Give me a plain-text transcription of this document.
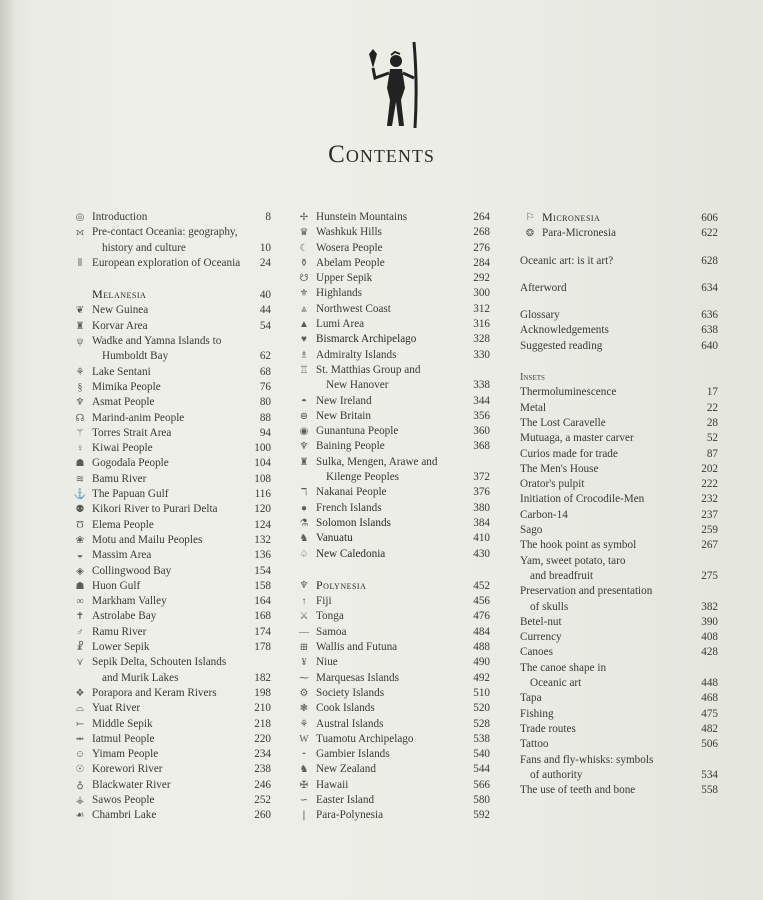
Contents
◎ Introduction	8
⟗ Pre-contact Oceania: geography,
history and culture	10
⫴ European exploration of Oceania	24
Melanesia	40
❦ New Guinea	44
♜ Korvar Area	54
ψ Wadke and Yamna Islands to
Humboldt Bay	62
⚘ Lake Sentani	68
§ Mimika People	76
♆ Asmat People	80
☊ Marind-anim People	88
⚚ Torres Strait Area	94
♀ Kiwai People	100
☗ Gogodala People	104
≋ Bamu River	108
⚓ The Papuan Gulf	116
⚉ Kikori River to Purari Delta	120
Ʊ Elema People	124
❀ Motu and Mailu Peoples	132
◒ Massim Area	136
◈ Collingwood Bay	154
☗ Huon Gulf	158
∞ Markham Valley	164
✝ Astrolabe Bay	168
♂ Ramu River	174
☧ Lower Sepik	178
⋎ Sepik Delta, Schouten Islands
and Murik Lakes	182
❖ Porapora and Keram Rivers	198
⌓ Yuat River	210
⤚ Middle Sepik	218
⥈ Iatmul People	220
☺ Yimam People	234
☉ Korewori River	238
♁ Blackwater River	246
⚶ Sawos People	252
☙ Chambri Lake	260
✢ Hunstein Mountains	264
♛ Washkuk Hills	268
☾ Wosera People	276
⚱ Abelam People	284
☋ Upper Sepik	292
⚜ Highlands	300
⩓ Northwest Coast	312
▲ Lumi Area	316
♥ Bismarck Archipelago	328
♗ Admiralty Islands	330
♖ St. Matthias Group and
New Hanover	338
◓ New Ireland	344
⊜ New Britain	356
◉ Gunantuna People	360
♆ Baining People	368
♜ Sulka, Mengen, Arawe and
Kilenge Peoples	372
ℸ Nakanai People	376
● French Islands	380
⚗ Solomon Islands	384
♞ Vanuatu	410
♤ New Caledonia	430
♆ Polynesia	452
↑ Fiji	456
⚔ Tonga	476
— Samoa	484
⊞ Wallis and Futuna	488
¥ Niue	490
⁓ Marquesas Islands	492
⚙ Society Islands	510
❃ Cook Islands	520
⚘ Austral Islands	528
W Tuamotu Archipelago	538
⁃ Gambier Islands	540
♞ New Zealand	544
✠ Hawaii	566
∽ Easter Island	580
❘ Para-Polynesia	592
⚐ Micronesia	606
❂ Para-Micronesia	622
Oceanic art: is it art?	628
Afterword	634
Glossary	636
Acknowledgements	638
Suggested reading	640
Insets
Thermoluminescence	17
Metal	22
The Lost Caravelle	28
Mutuaga, a master carver	52
Curios made for trade	87
The Men's House	202
Orator's pulpit	222
Initiation of Crocodile-Men	232
Carbon-14	237
Sago	259
The hook point as symbol	267
Yam, sweet potato, taro
and breadfruit	275
Preservation and presentation
of skulls	382
Betel-nut	390
Currency	408
Canoes	428
The canoe shape in
Oceanic art	448
Tapa	468
Fishing	475
Trade routes	482
Tattoo	506
Fans and fly-whisks: symbols
of authority	534
The use of teeth and bone	558
